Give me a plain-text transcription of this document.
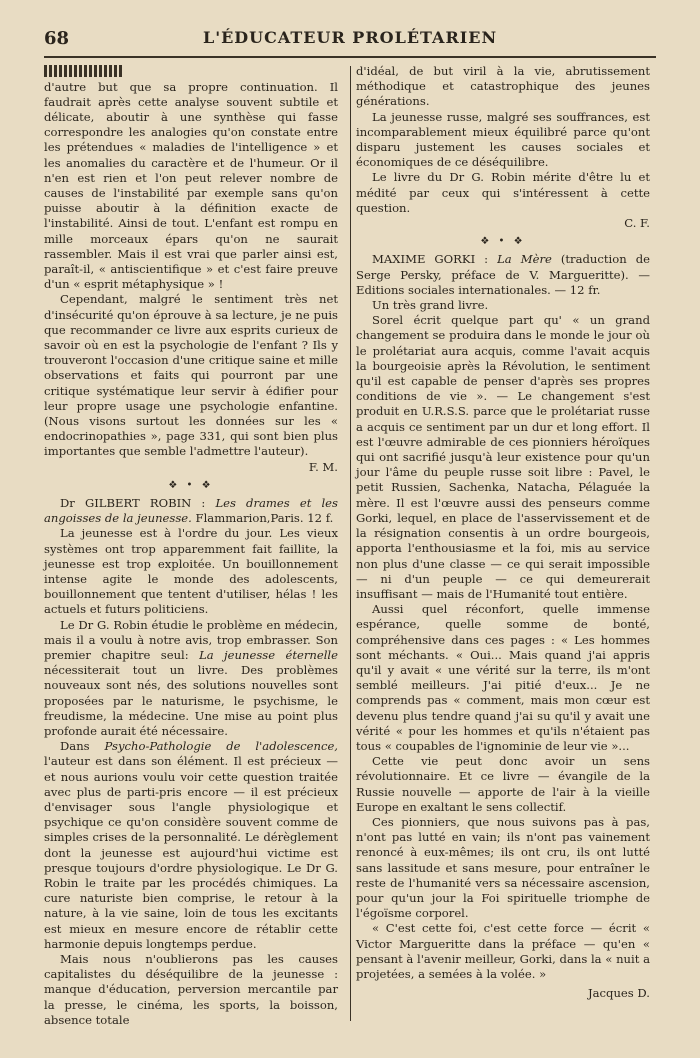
68	L'ÉDUCATEUR PROLÉTARIEN

d'autre but que sa propre continuation. Il faudrait après cette analyse souvent subtile et délicate, aboutir à une synthèse qui fasse correspondre les analogies qu'on constate entre les prétendues « maladies de l'intelligence » et les anomalies du caractère et de l'humeur. Or il n'en est rien et l'on peut relever nombre de causes de l'instabilité par exemple sans qu'on puisse aboutir à la définition exacte de l'instabilité. Ainsi de tout. L'enfant est rompu en mille morceaux épars qu'on ne saurait rassembler. Mais il est vrai que parler ainsi est, paraît-il, « antiscientifique » et c'est faire preuve d'un « esprit métaphysique » !

Cependant, malgré le sentiment très net d'insécurité qu'on éprouve à sa lecture, je ne puis que recommander ce livre aux esprits curieux de savoir où en est la psychologie de l'enfant ? Ils y trouveront l'occasion d'une critique saine et mille observations et faits qui pourront par une critique systématique leur servir à édifier pour leur propre usage une psychologie enfantine. (Nous visons surtout les données sur les « endocrinopathies », page 331, qui sont bien plus importantes que semble l'admettre l'auteur).

F. M.
❖ • ❖

Dr GILBERT ROBIN : Les drames et les angoisses de la jeunesse. Flammarion,Paris. 12 f.

La jeunesse est à l'ordre du jour. Les vieux systèmes ont trop apparemment fait faillite, la jeunesse est trop exploitée. Un bouillonnement intense agite le monde des adolescents, bouillonnement que tentent d'utiliser, hélas ! les actuels et futurs politiciens.

Le Dr G. Robin étudie le problème en médecin, mais il a voulu à notre avis, trop embrasser. Son premier chapitre seul: La jeunesse éternelle nécessiterait tout un livre. Des problèmes nouveaux sont nés, des solutions nouvelles sont proposées par le naturisme, le psychisme, le freudisme, la médecine. Une mise au point plus profonde aurait été nécessaire.

Dans Psycho-Pathologie de l'adolescence, l'auteur est dans son élément. Il est précieux — et nous aurions voulu voir cette question traitée avec plus de parti-pris encore — il est précieux d'envisager sous l'angle physiologique et psychique ce qu'on considère souvent comme de simples crises de la personnalité. Le dérèglement dont la jeunesse est aujourd'hui victime est presque toujours d'ordre physiologique. Le Dr G. Robin le traite par les procédés chimiques. La cure naturiste bien comprise, le retour à la nature, à la vie saine, loin de tous les excitants est mieux en mesure encore de rétablir cette harmonie depuis longtemps perdue.

Mais nous n'oublierons pas les causes capitalistes du déséquilibre de la jeunesse : manque d'éducation, perversion mercantile par la presse, le cinéma, les sports, la boisson, absence totale

d'idéal, de but viril à la vie, abrutissement méthodique et catastrophique des jeunes générations.

La jeunesse russe, malgré ses souffrances, est incomparablement mieux équilibré parce qu'ont disparu justement les causes sociales et économiques de ce déséquilibre.

Le livre du Dr G. Robin mérite d'être lu et médité par ceux qui s'intéressent à cette question.

C. F.
❖ • ❖

MAXIME GORKI : La Mère (traduction de Serge Persky, préface de V. Margueritte). — Editions sociales internationales. — 12 fr.

Un très grand livre.

Sorel écrit quelque part qu' « un grand changement se produira dans le monde le jour où le prolétariat aura acquis, comme l'avait acquis la bourgeoisie après la Révolution, le sentiment qu'il est capable de penser d'après ses propres conditions de vie ». — Le changement s'est produit en U.R.S.S. parce que le prolétariat russe a acquis ce sentiment par un dur et long effort. Il est l'œuvre admirable de ces pionniers héroïques qui ont sacrifié jusqu'à leur existence pour qu'un jour l'âme du peuple russe soit libre : Pavel, le petit Russien, Sachenka, Natacha, Pélaguée la mère. Il est l'œuvre aussi des penseurs comme Gorki, lequel, en place de l'asservissement et de la résignation consentis à un ordre bourgeois, apporta l'enthousiasme et la foi, mis au service non plus d'une classe — ce qui serait impossible — ni d'un peuple — ce qui demeurerait insuffisant — mais de l'Humanité tout entière.

Aussi quel réconfort, quelle immense espérance, quelle somme de bonté, compréhensive dans ces pages : « Les hommes sont méchants. « Oui... Mais quand j'ai appris qu'il y avait « une vérité sur la terre, ils m'ont semblé meilleurs. J'ai pitié d'eux... Je ne comprends pas « comment, mais mon cœur est devenu plus tendre quand j'ai su qu'il y avait une vérité « pour les hommes et qu'ils n'étaient pas tous « coupables de l'ignominie de leur vie »...

Cette vie peut donc avoir un sens révolutionnaire. Et ce livre — évangile de la Russie nouvelle — apporte de l'air à la vieille Europe en exaltant le sens collectif.

Ces pionniers, que nous suivons pas à pas, n'ont pas lutté en vain; ils n'ont pas vainement renoncé à eux-mêmes; ils ont cru, ils ont lutté sans lassitude et sans mesure, pour entraîner le reste de l'humanité vers sa nécessaire ascension, pour qu'un jour la Foi spirituelle triomphe de l'égoïsme corporel.

« C'est cette foi, c'est cette force — écrit « Victor Margueritte dans la préface — qu'en « pensant à l'avenir meilleur, Gorki, dans la « nuit a projetées, a semées à la volée. »

Jacques D.
